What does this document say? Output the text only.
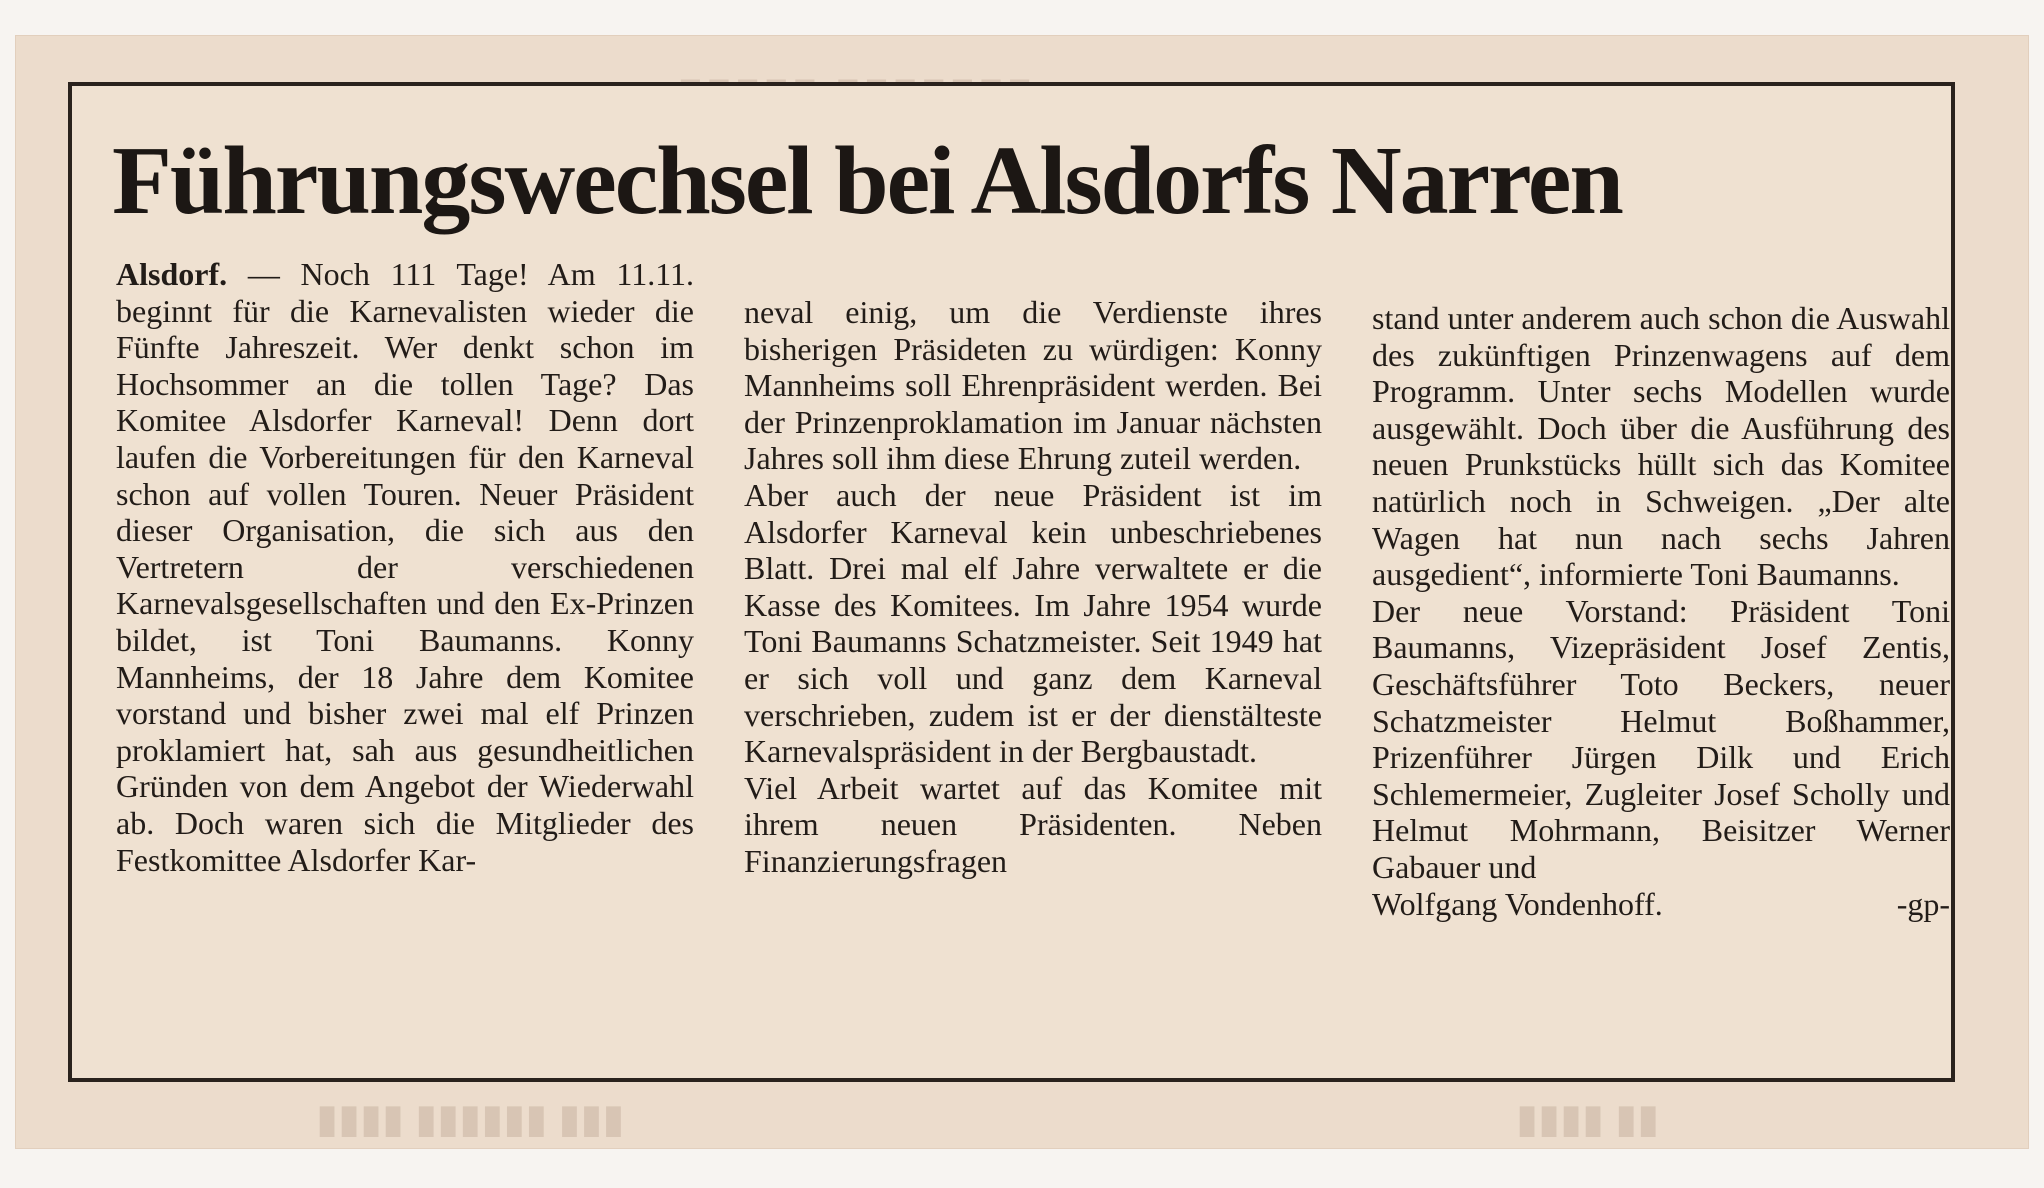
▮▮▮▮ ▮▮▮▮▮▮ ▮▮▮	▮▮▮▮ ▮▮
Führungswechsel bei Alsdorfs Narren

Alsdorf. — Noch 111 Tage! Am 11.11. beginnt für die Karnevalisten wieder die Fünfte Jahreszeit. Wer denkt schon im Hochsommer an die tollen Tage? Das Komitee Alsdorfer Karneval! Denn dort laufen die Vorbereitungen für den Karneval schon auf vollen Touren. Neuer Präsident dieser Organisation, die sich aus den Vertretern der verschiedenen Karnevalsgesellschaften und den Ex-Prinzen bildet, ist Toni Baumanns. Konny Mannheims, der 18 Jahre dem Komitee vorstand und bisher zwei mal elf Prinzen proklamiert hat, sah aus gesundheitlichen Gründen von dem Angebot der Wiederwahl ab. Doch waren sich die Mitglieder des Festkomittee Alsdorfer Kar-

neval einig, um die Verdienste ihres bisherigen Präsideten zu würdigen: Konny Mannheims soll Ehrenpräsident werden. Bei der Prinzenproklamation im Januar nächsten Jahres soll ihm diese Ehrung zuteil werden.

Aber auch der neue Präsident ist im Alsdorfer Karneval kein unbeschriebenes Blatt. Drei mal elf Jahre verwaltete er die Kasse des Komitees. Im Jahre 1954 wurde Toni Baumanns Schatzmeister. Seit 1949 hat er sich voll und ganz dem Karneval verschrieben, zudem ist er der dienstälteste Karnevalspräsident in der Bergbaustadt.

Viel Arbeit wartet auf das Komitee mit ihrem neuen Präsidenten. Neben Finanzierungsfragen

stand unter anderem auch schon die Auswahl des zukünftigen Prinzenwagens auf dem Programm. Unter sechs Modellen wurde ausgewählt. Doch über die Ausführung des neuen Prunkstücks hüllt sich das Komitee natürlich noch in Schweigen. „Der alte Wagen hat nun nach sechs Jahren ausgedient“, informierte Toni Baumanns.

Der neue Vorstand: Präsident Toni Baumanns, Vizepräsident Josef Zentis, Geschäftsführer Toto Beckers, neuer Schatzmeister Helmut Boßhammer, Prizenführer Jürgen Dilk und Erich Schlemermeier, Zugleiter Josef Scholly und Helmut Mohrmann, Beisitzer Werner Gabauer und

Wolfgang Vondenhoff.	-gp-
